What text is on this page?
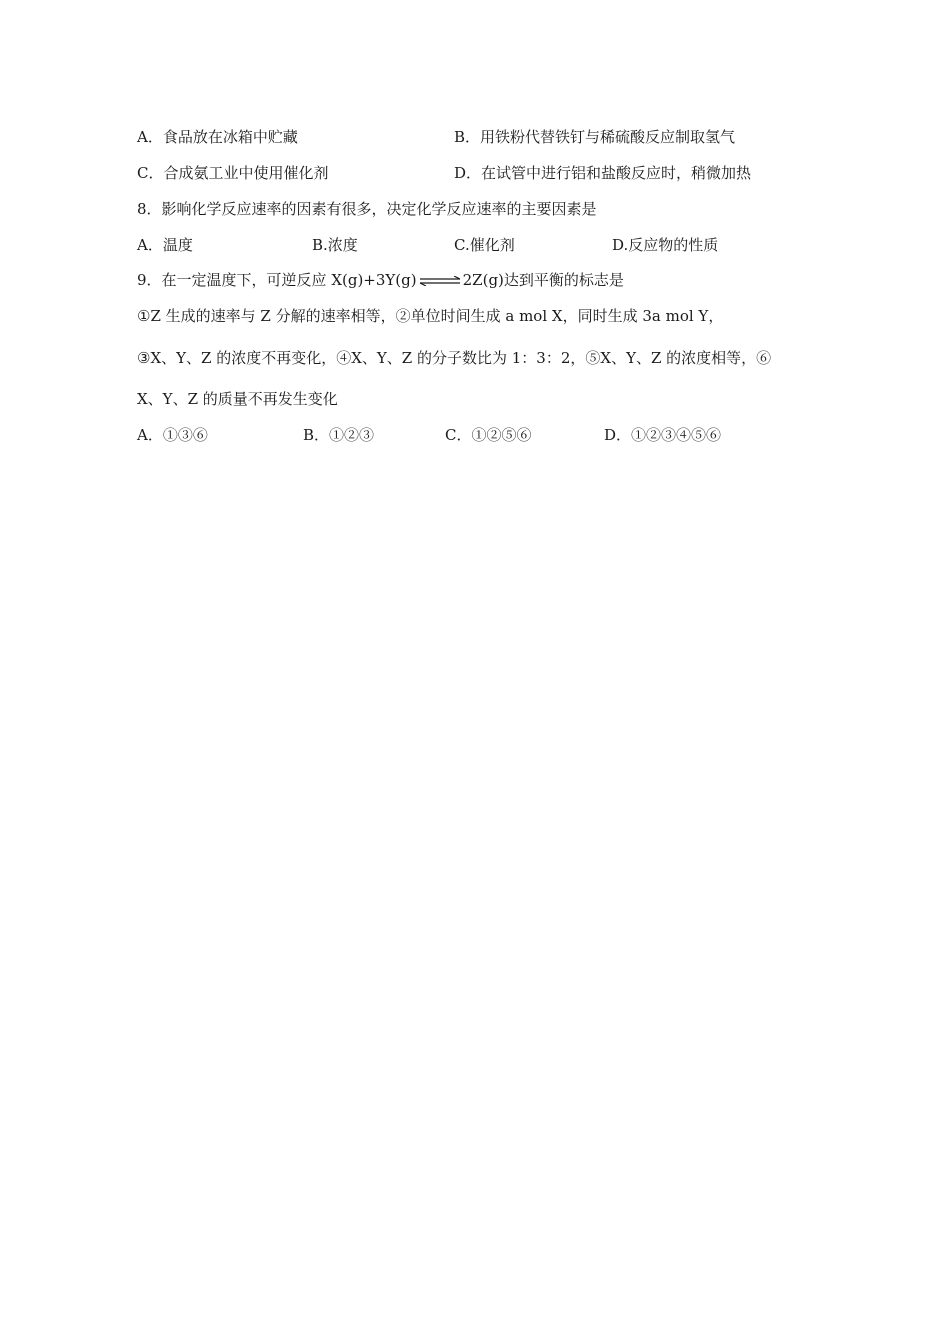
A．食品放在冰箱中贮藏	B．用铁粉代替铁钉与稀硫酸反应制取氢气
C．合成氨工业中使用催化剂	D．在试管中进行铝和盐酸反应时，稍微加热
8．影响化学反应速率的因素有很多，决定化学反应速率的主要因素是
A．温度	B.浓度	C.催化剂	D.反应物的性质
9．在一定温度下，可逆反应 X(g)+3Y(g)⇌2Z(g)达到平衡的标志是
①Z 生成的速率与 Z 分解的速率相等，②单位时间生成 a mol X，同时生成 3a mol Y，
③X、Y、Z 的浓度不再变化，④X、Y、Z 的分子数比为 1：3：2，⑤X、Y、Z 的浓度相等，⑥
X、Y、Z 的质量不再发生变化
A．①③⑥	B．①②③	C．①②⑤⑥	D．①②③④⑤⑥
